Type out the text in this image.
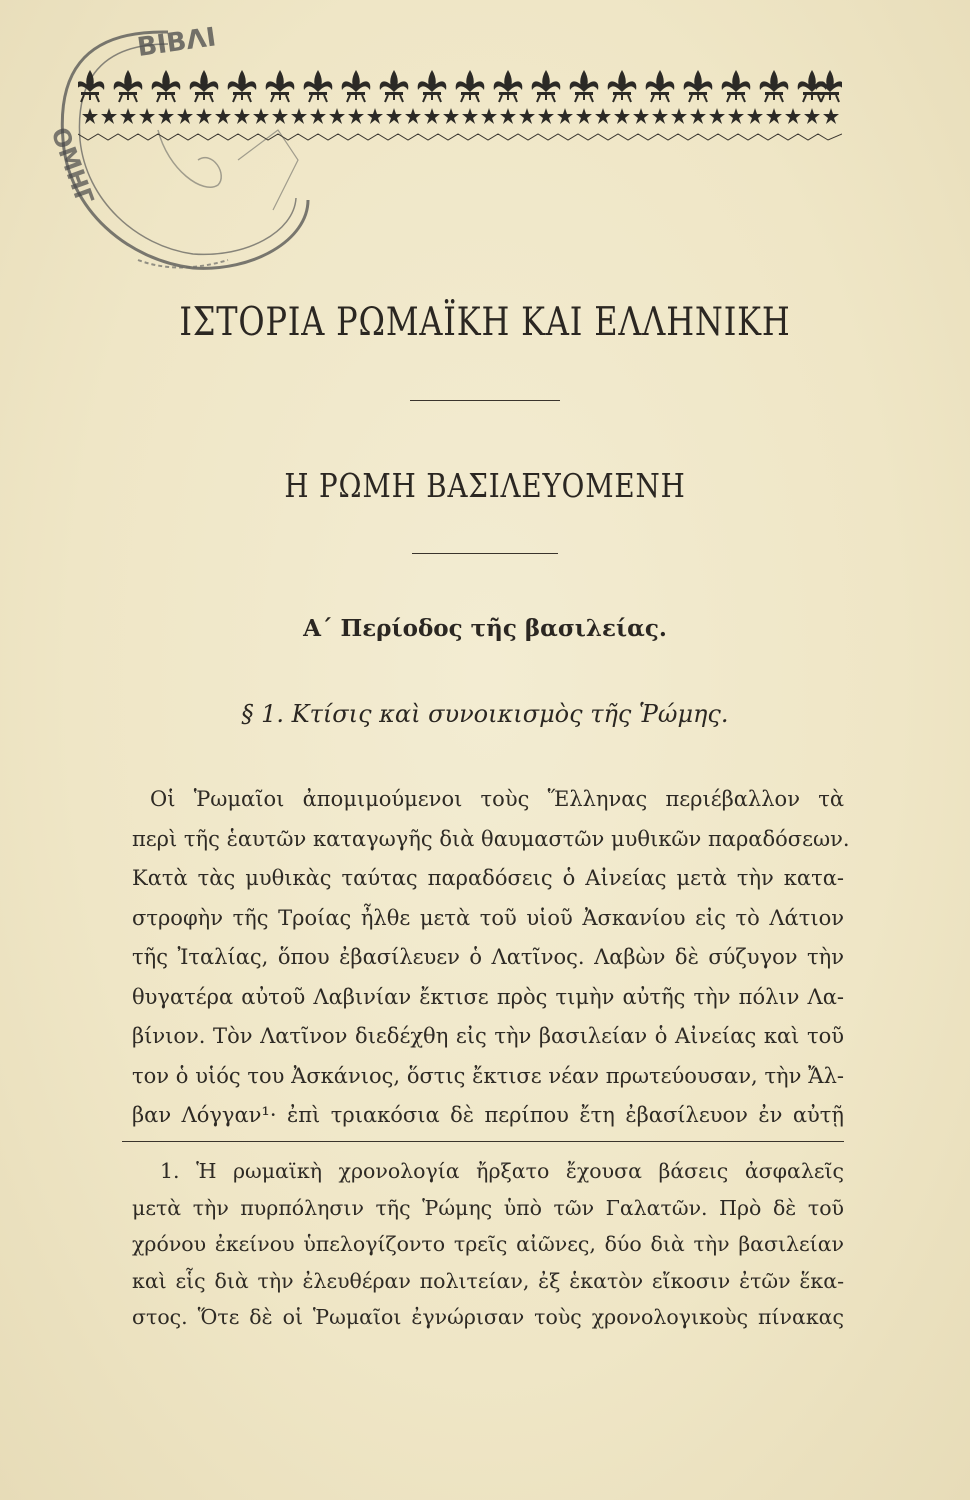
ΒΙΒΛΙ
ΟΜΗΓ
ΙΣΤΟΡΙΑ ΡΩΜΑΪΚΗ ΚΑΙ ΕΛΛΗΝΙΚΗ
Η ΡΩΜΗ ΒΑΣΙΛΕΥΟΜΕΝΗ
Α΄ Περίοδος τῆς βασιλείας.
§ 1. Κτίσις καὶ συνοικισμὸς τῆς Ῥώμης.
Οἱ Ῥωμαῖοι ἀπομιμούμενοι τοὺς Ἕλληνας περιέβαλλον τὰ
περὶ τῆς ἑαυτῶν καταγωγῆς διὰ θαυμαστῶν μυθικῶν παραδόσεων.
Κατὰ τὰς μυθικὰς ταύτας παραδόσεις ὁ Αἰνείας μετὰ τὴν κατα-
στροφὴν τῆς Τροίας ἦλθε μετὰ τοῦ υἱοῦ Ἀσκανίου εἰς τὸ Λάτιον
τῆς Ἰταλίας, ὅπου ἐβασίλευεν ὁ Λατῖνος. Λαβὼν δὲ σύζυγον τὴν
θυγατέρα αὐτοῦ Λαβινίαν ἔκτισε πρὸς τιμὴν αὐτῆς τὴν πόλιν Λα-
βίνιον. Τὸν Λατῖνον διεδέχθη εἰς τὴν βασιλείαν ὁ Αἰνείας καὶ τοῦ
τον ὁ υἱός του Ἀσκάνιος, ὅστις ἔκτισε νέαν πρωτεύουσαν, τὴν Ἄλ-
βαν Λόγγαν¹· ἐπὶ τριακόσια δὲ περίπου ἔτη ἐβασίλευον ἐν αὐτῇ
1. Ἡ ρωμαϊκὴ χρονολογία ἤρξατο ἔχουσα βάσεις ἀσφαλεῖς
μετὰ τὴν πυρπόλησιν τῆς Ῥώμης ὑπὸ τῶν Γαλατῶν. Πρὸ δὲ τοῦ
χρόνου ἐκείνου ὑπελογίζοντο τρεῖς αἰῶνες, δύο διὰ τὴν βασιλείαν
καὶ εἷς διὰ τὴν ἐλευθέραν πολιτείαν, ἐξ ἑκατὸν εἴκοσιν ἐτῶν ἕκα-
στος. Ὅτε δὲ οἱ Ῥωμαῖοι ἐγνώρισαν τοὺς χρονολογικοὺς πίνακας
